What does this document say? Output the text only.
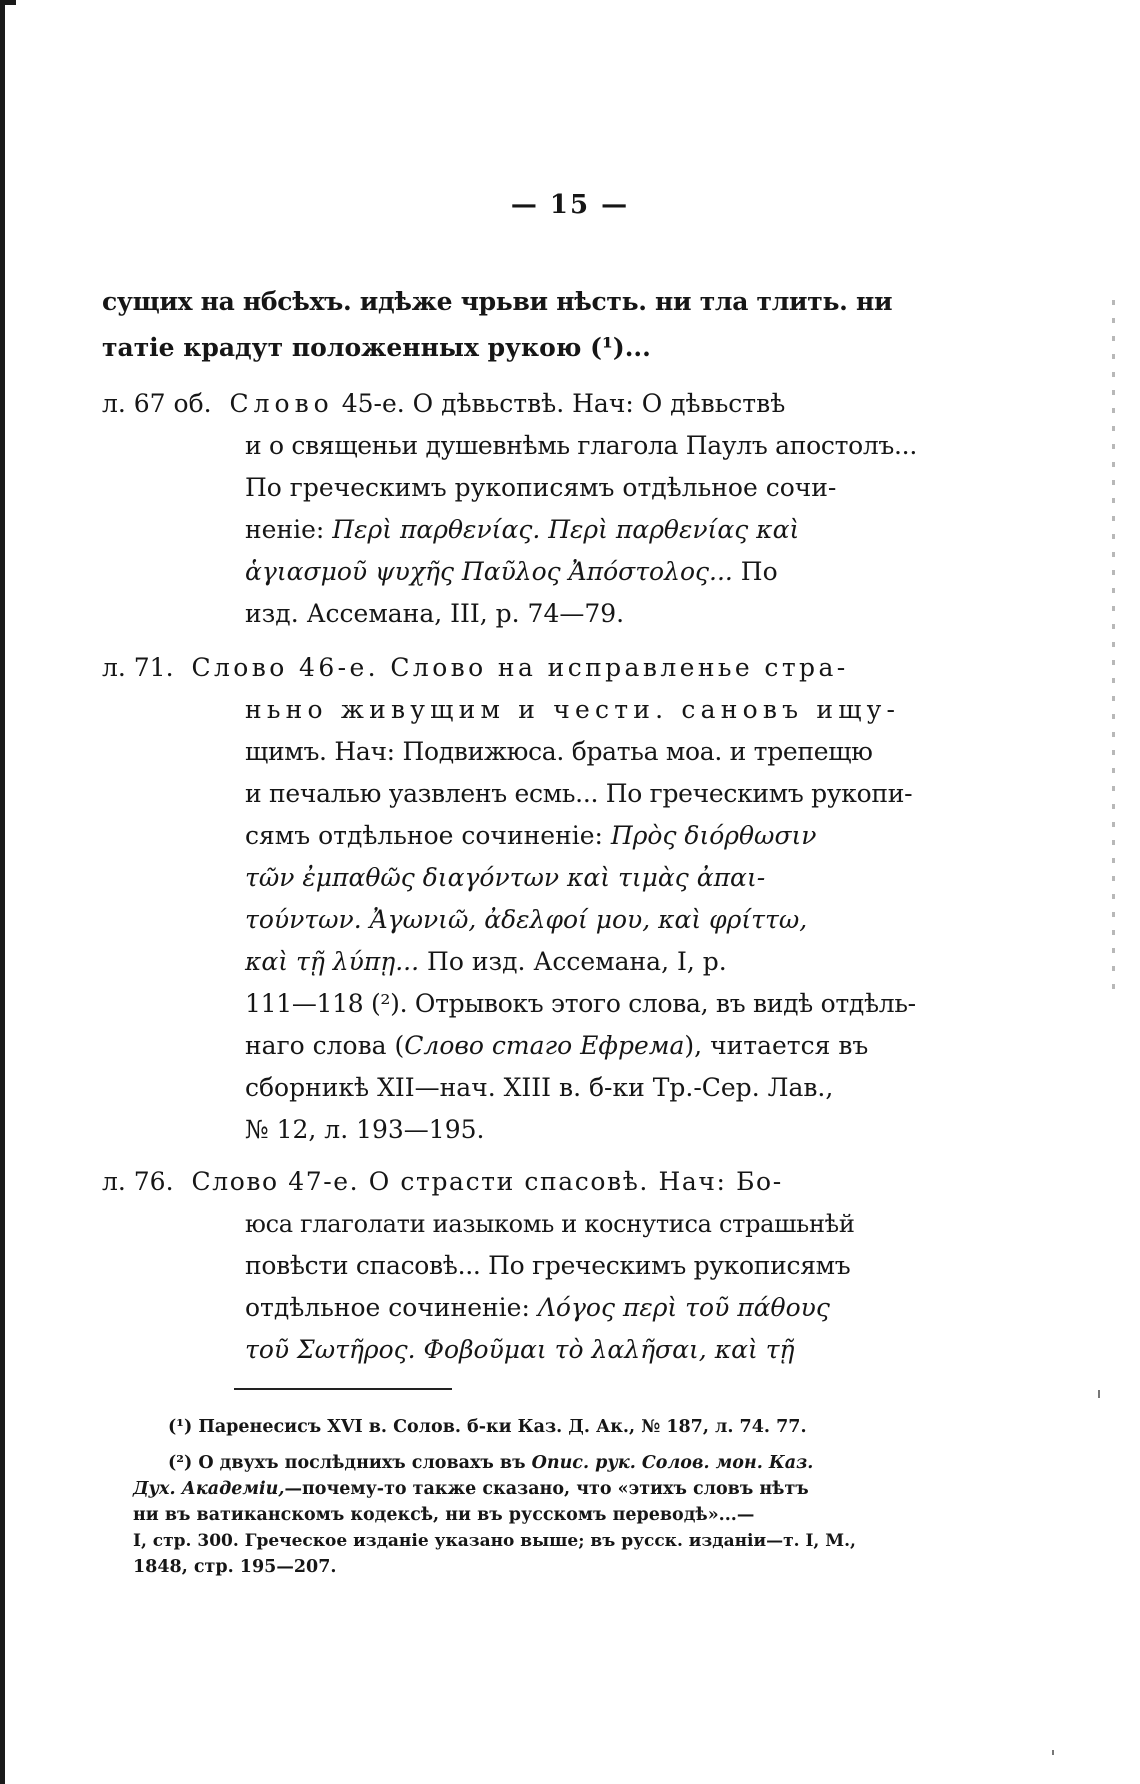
— 15 —
сущих на нбсѣхъ. идѣже чрьви нѣсть. ни тла тлить. ни
татіе крадут положенных рукою (¹)...
л. 67 об. Слово 45-е. О дѣвьствѣ. Нач: О дѣвьствѣ
и о священьи душевнѣмь глагола Паулъ апостолъ...
По греческимъ рукописямъ отдѣльное сочи-
неніе: Περὶ παρθενίας. Περὶ παρθενίας καὶ
ἁγιασμοῦ ψυχῆς Παῦλος Ἀπόστολος... По
изд. Ассемана, III, p. 74—79.
л. 71. Слово 46-е. Слово на исправленье стра-
ньно живущим и чести. сановъ ищу-
щимъ. Нач: Подвижюса. братьа моа. и трепещю
и печалью уазвленъ есмь... По греческимъ рукопи-
сямъ отдѣльное сочиненіе: Πρὸς διόρθωσιν
τῶν ἐμπαθῶς διαγόντων καὶ τιμὰς ἀπαι-
τούντων. Ἀγωνιῶ, ἀδελφοί μου, καὶ φρίττω,
καὶ τῇ λύπῃ... По изд. Ассемана, I, p.
111—118 (²). Отрывокъ этого слова, въ видѣ отдѣль-
наго слова (Слово стаго Ефрема), читается въ
сборникѣ XII—нач. XIII в. б-ки Тр.-Сер. Лав.,
№ 12, л. 193—195.
л. 76. Слово 47-е. О страсти спасовѣ. Нач: Бо-
юса глаголати иазыкомь и коснутиса страшьнѣй
повѣсти спасовѣ... По греческимъ рукописямъ
отдѣльное сочиненіе: Λόγος περὶ τοῦ πάθους
τοῦ Σωτῆρος. Φοβοῦμαι τὸ λαλῆσαι, καὶ τῇ
(¹) Паренесисъ XVI в. Солов. б-ки Каз. Д. Ак., № 187, л. 74. 77.
(²) О двухъ послѣднихъ словахъ въ Опис. рук. Солов. мон. Каз.
Дух. Академіи,—почему-то также сказано, что «этихъ словъ нѣтъ
ни въ ватиканскомъ кодексѣ, ни въ русскомъ переводѣ»...—
I, стр. 300. Греческое изданіе указано выше; въ русск. изданіи—т. I, М.,
1848, стр. 195—207.
